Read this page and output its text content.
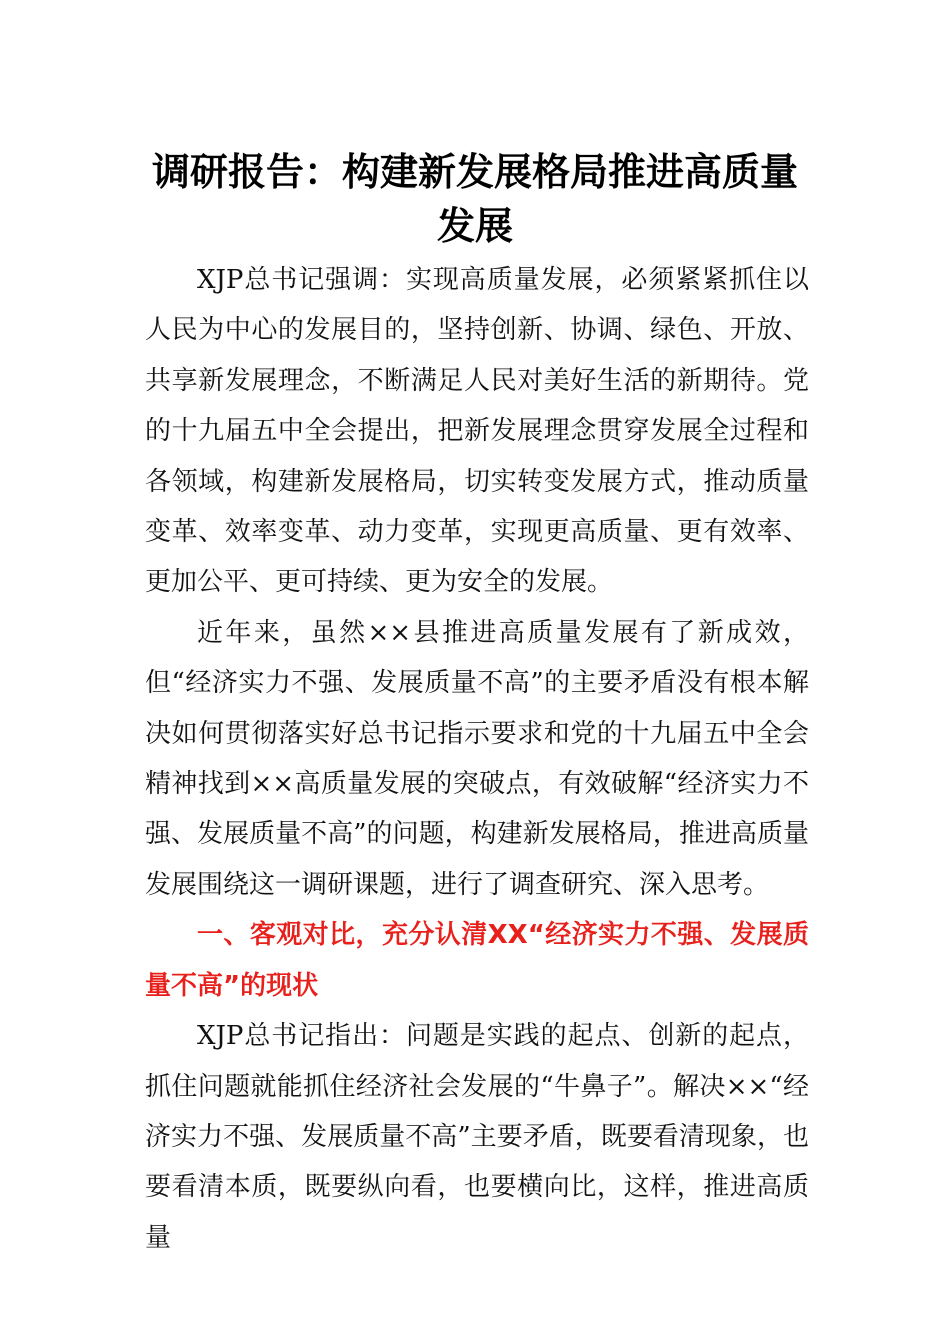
调研报告：构建新发展格局推进高质量发展

XJP总书记强调：实现高质量发展，必须紧紧抓住以人民为中心的发展目的，坚持创新、协调、绿色、开放、共享新发展理念，不断满足人民对美好生活的新期待。党的十九届五中全会提出，把新发展理念贯穿发展全过程和各领域，构建新发展格局，切实转变发展方式，推动质量变革、效率变革、动力变革，实现更高质量、更有效率、更加公平、更可持续、更为安全的发展。

近年来，虽然××县推进高质量发展有了新成效，但“经济实力不强、发展质量不高”的主要矛盾没有根本解决如何贯彻落实好总书记指示要求和党的十九届五中全会精神找到××高质量发展的突破点，有效破解“经济实力不强、发展质量不高”的问题，构建新发展格局，推进高质量发展围绕这一调研课题，进行了调查研究、深入思考。

一、客观对比，充分认清XX“经济实力不强、发展质量不高”的现状

XJP总书记指出：问题是实践的起点、创新的起点，抓住问题就能抓住经济社会发展的“牛鼻子”。解决××“经济实力不强、发展质量不高”主要矛盾，既要看清现象，也要看清本质，既要纵向看，也要横向比，这样，推进高质量
